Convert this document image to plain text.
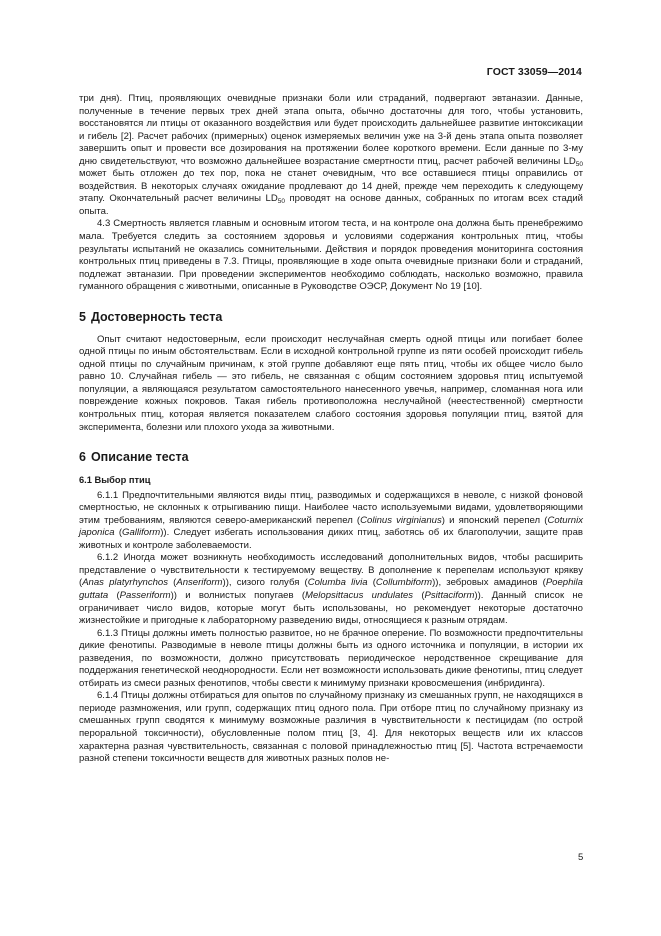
ГОСТ 33059—2014

три дня). Птиц, проявляющих очевидные признаки боли или страданий, подвергают эвтаназии. Данные, полученные в течение первых трех дней этапа опыта, обычно достаточны для того, чтобы установить, восстановятся ли птицы от оказанного воздействия или будет происходить дальнейшее развитие интоксикации и гибель [2]. Расчет рабочих (примерных) оценок измеряемых величин уже на 3-й день этапа опыта позволяет завершить опыт и провести все дозирования на протяжении более короткого времени. Если данные по 3-му дню свидетельствуют, что возможно дальнейшее возрастание смертности птиц, расчет рабочей величины $LD_{50}$ может быть отложен до тех пор, пока не станет очевидным, что все оставшиеся птицы оправились от воздействия. В некоторых случаях ожидание продлевают до 14 дней, прежде чем переходить к следующему этапу. Окончательный расчет величины $LD_{50}$ проводят на основе данных, собранных по итогам всех стадий опыта.

4.3 Смертность является главным и основным итогом теста, и на контроле она должна быть пренебрежимо мала. Требуется следить за состоянием здоровья и условиями содержания контрольных птиц, чтобы результаты испытаний не оказались сомнительными. Действия и порядок проведения мониторинга состояния контрольных птиц приведены в 7.3. Птицы, проявляющие в ходе опыта очевидные признаки боли и страданий, подлежат эвтаназии. При проведении экспериментов необходимо соблюдать, насколько возможно, правила гуманного обращения с животными, описанные в Руководстве ОЭСР, Документ No 19 [10].

5 Достоверность теста

Опыт считают недостоверным, если происходит неслучайная смерть одной птицы или погибает более одной птицы по иным обстоятельствам. Если в исходной контрольной группе из пяти особей происходит гибель одной птицы по случайным причинам, к этой группе добавляют еще пять птиц, чтобы их общее число было равно 10. Случайная гибель — это гибель, не связанная с общим состоянием здоровья птиц испытуемой популяции, а являющаяся результатом самостоятельного нанесенного увечья, например, сломанная нога или повреждение кожных покровов. Такая гибель противоположна неслучайной (неестественной) смертности контрольных птиц, которая является показателем слабого состояния здоровья популяции птиц, взятой для эксперимента, болезни или плохого ухода за животными.

6 Описание теста
6.1 Выбор птиц

6.1.1 Предпочтительными являются виды птиц, разводимых и содержащихся в неволе, с низкой фоновой смертностью, не склонных к отрыгиванию пищи. Наиболее часто используемыми видами, удовлетворяющими этим требованиям, являются северо-американский перепел (Colinus virginianus) и японский перепел (Coturnix japonica (Galliform)). Следует избегать использования диких птиц, заботясь об их благополучии, защите прав животных и контроле заболеваемости.

6.1.2 Иногда может возникнуть необходимость исследований дополнительных видов, чтобы расширить представление о чувствительности к тестируемому веществу. В дополнение к перепелам используют кряквy (Anas platyrhynchos (Anseriform)), сизого голубя (Columba livia (Collumbiform)), зебровых амадинов (Poephila guttata (Passeriform)) и волнистых попугаев (Melopsittacus undulates (Psittaciform)). Данный список не ограничивает число видов, которые могут быть использованы, но рекомендует некоторые достаточно жизнестойкие и пригодные к лабораторному разведению виды, относящиеся к разным отрядам.

6.1.3 Птицы должны иметь полностью развитое, но не брачное оперение. По возможности предпочтительны дикие фенотипы. Разводимые в неволе птицы должны быть из одного источника и популяции, в истории их разведения, по возможности, должно присутствовать периодическое неродственное скрещивание для поддержания генетической неоднородности. Если нет возможности использовать дикие фенотипы, птиц следует отбирать из смеси разных фенотипов, чтобы свести к минимуму признаки кровосмешения (инбридинга).

6.1.4 Птицы должны отбираться для опытов по случайному признаку из смешанных групп, не находящихся в периоде размножения, или групп, содержащих птиц одного пола. При отборе птиц по случайному признаку из смешанных групп сводятся к минимуму возможные различия в чувствительности к пестицидам (по острой пероральной токсичности), обусловленные полом птиц [3, 4]. Для некоторых веществ или их классов характерна разная чувствительность, связанная с половой принадлежностью птиц [5]. Частота встречаемости разной степени токсичности веществ для животных разных полов не-

5
